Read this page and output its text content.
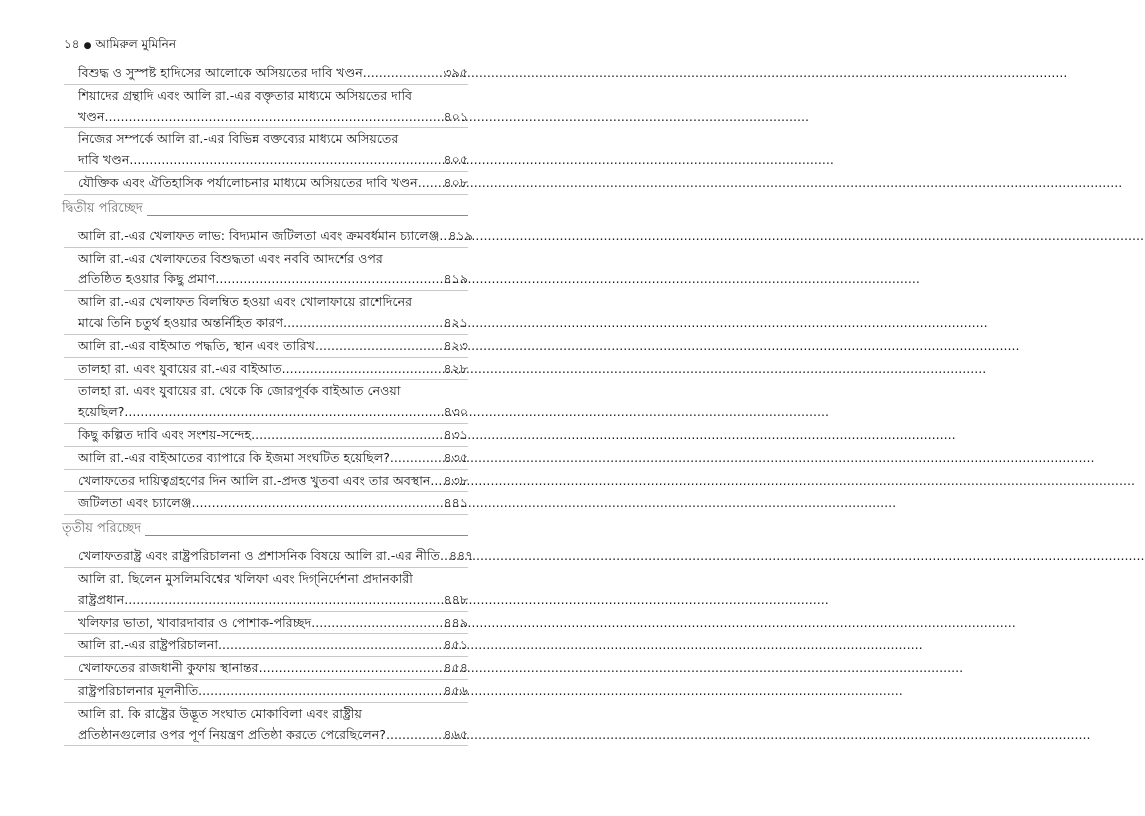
১৪ ● আমিরুল মুমিনিন
বিশুদ্ধ ও সুস্পষ্ট হাদিসের আলোকে অসিয়তের দাবি খণ্ডন .....	৩৯৫
শিয়াদের গ্রন্থাদি এবং আলি রা.-এর বক্তৃতার মাধ্যমে অসিয়তের দাবি
খণ্ডন .....	৪০১
নিজের সম্পর্কে আলি রা.-এর বিভিন্ন বক্তব্যের মাধ্যমে অসিয়তের
দাবি খণ্ডন .....	৪০৫
যৌক্তিক এবং ঐতিহাসিক পর্যালোচনার মাধ্যমে অসিয়তের দাবি খণ্ডন ..... ৪০৮
দ্বিতীয় পরিচ্ছেদ
আলি রা.-এর খেলাফত লাভ: বিদ্যমান জটিলতা এবং ক্রমবর্ধমান চ্যালেঞ্জ ..... ৪১৯
আলি রা.-এর খেলাফতের বিশুদ্ধতা এবং নববি আদর্শের ওপর
প্রতিষ্ঠিত হওয়ার কিছু প্রমাণ .....	৪১৯
আলি রা.-এর খেলাফত বিলম্বিত হওয়া এবং খোলাফায়ে রাশেদিনের
মাঝে তিনি চতুর্থ হওয়ার অন্তর্নিহিত কারণ .....	৪২১
আলি রা.-এর বাইআত পদ্ধতি, স্থান এবং তারিখ .....	৪২৩
তালহা রা. এবং যুবায়ের রা.-এর বাইআত .....	৪২৮
তালহা রা. এবং যুবায়ের রা. থেকে কি জোরপূর্বক বাইআত নেওয়া
হয়েছিল? .....	৪৩০
কিছু কল্পিত দাবি এবং সংশয়-সন্দেহ .....	৪৩১
আলি রা.-এর বাইআতের ব্যাপারে কি ইজমা সংঘটিত হয়েছিল? .....	৪৩৫
খেলাফতের দায়িত্বগ্রহণের দিন আলি রা.-প্রদত্ত খুতবা এবং তার অবস্থান ..... ৪৩৮
জটিলতা এবং চ্যালেঞ্জ .....	৪৪১
তৃতীয় পরিচ্ছেদ
খেলাফতরাষ্ট্র এবং রাষ্ট্রপরিচালনা ও প্রশাসনিক বিষয়ে আলি রা.-এর নীতি ..... ৪৪৭
আলি রা. ছিলেন মুসলিমবিশ্বের খলিফা এবং দিগ্‌নির্দেশনা প্রদানকারী
রাষ্ট্রপ্রধান .....	৪৪৮
খলিফার ভাতা, খাবারদাবার ও পোশাক-পরিচ্ছদ .....	৪৪৯
আলি রা.-এর রাষ্ট্রপরিচালনা .....	৪৫১
খেলাফতের রাজধানী কুফায় স্থানান্তর .....	৪৫৪
রাষ্ট্রপরিচালনার মূলনীতি .....	৪৫৬
আলি রা. কি রাষ্ট্রের উদ্ভূত সংঘাত মোকাবিলা এবং রাষ্ট্রীয়
প্রতিষ্ঠানগুলোর ওপর পূর্ণ নিয়ন্ত্রণ প্রতিষ্ঠা করতে পেরেছিলেন? .....	৪৬৫
